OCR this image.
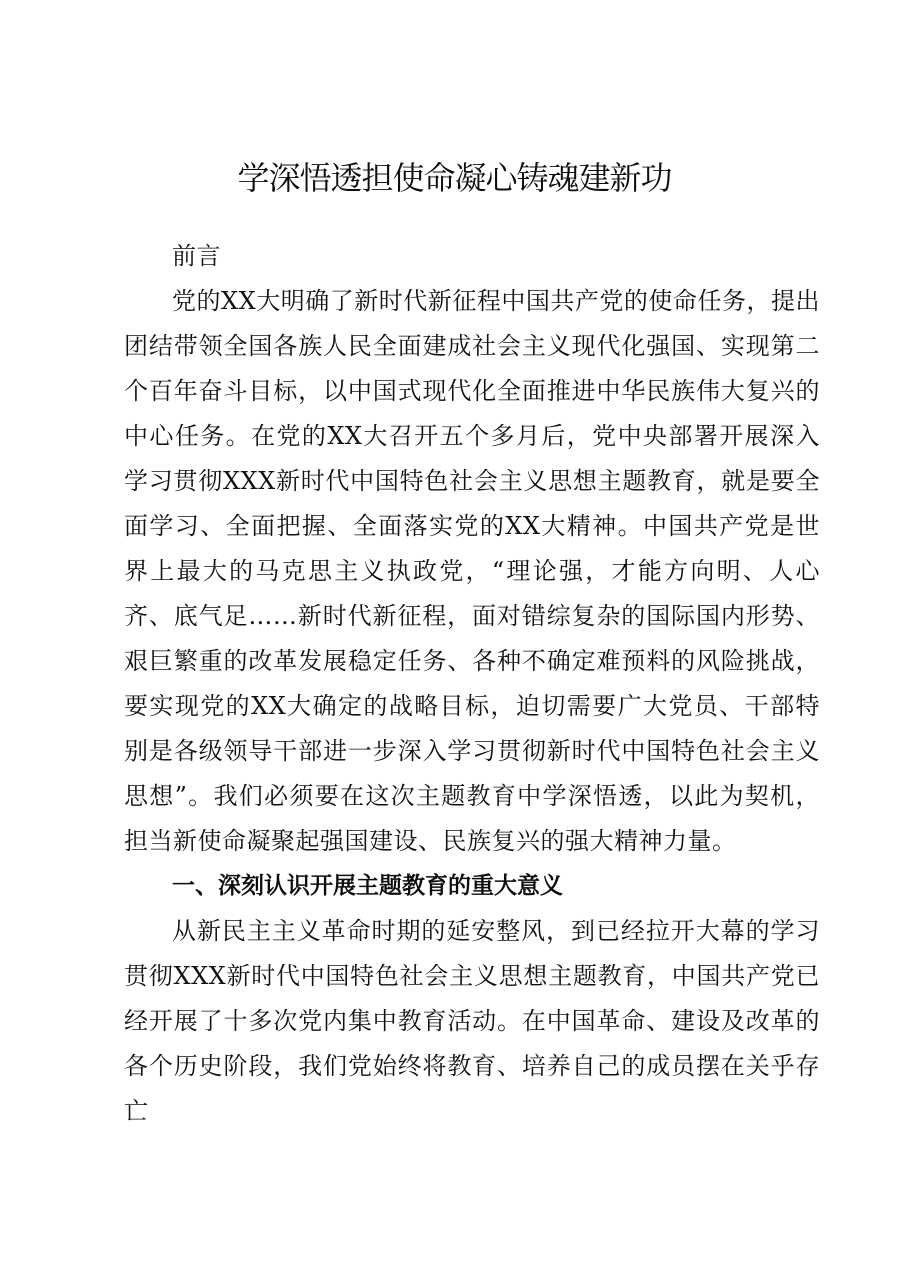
学深悟透担使命凝心铸魂建新功

前言

党的XX大明确了新时代新征程中国共产党的使命任务，提出团结带领全国各族人民全面建成社会主义现代化强国、实现第二个百年奋斗目标，以中国式现代化全面推进中华民族伟大复兴的中心任务。在党的XX大召开五个多月后，党中央部署开展深入学习贯彻XXX新时代中国特色社会主义思想主题教育，就是要全面学习、全面把握、全面落实党的XX大精神。中国共产党是世界上最大的马克思主义执政党，“理论强，才能方向明、人心齐、底气足……新时代新征程，面对错综复杂的国际国内形势、艰巨繁重的改革发展稳定任务、各种不确定难预料的风险挑战，要实现党的XX大确定的战略目标，迫切需要广大党员、干部特别是各级领导干部进一步深入学习贯彻新时代中国特色社会主义思想”。我们必须要在这次主题教育中学深悟透，以此为契机，担当新使命凝聚起强国建设、民族复兴的强大精神力量。

一、深刻认识开展主题教育的重大意义

从新民主主义革命时期的延安整风，到已经拉开大幕的学习贯彻XXX新时代中国特色社会主义思想主题教育，中国共产党已经开展了十多次党内集中教育活动。在中国革命、建设及改革的各个历史阶段，我们党始终将教育、培养自己的成员摆在关乎存亡
